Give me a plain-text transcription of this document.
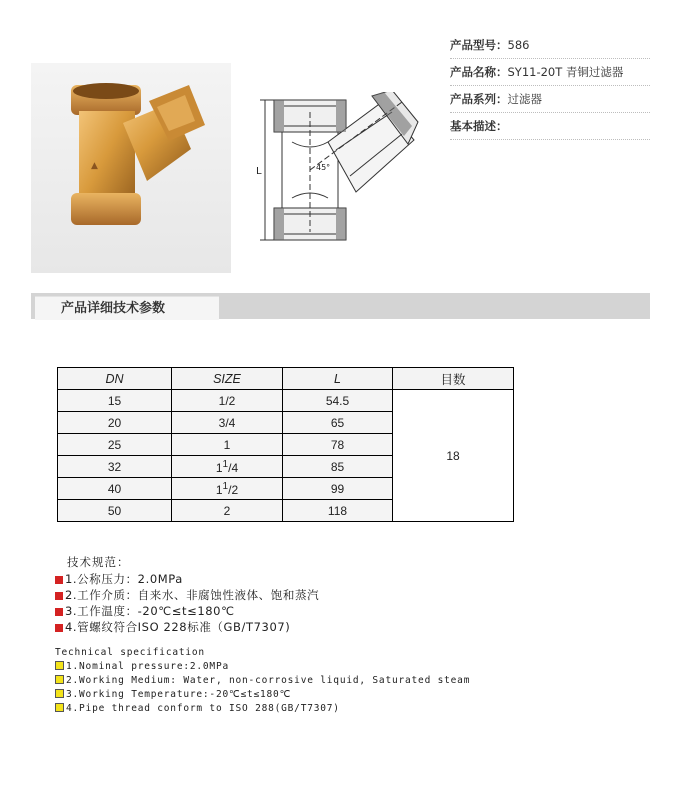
▲	L	45°
产品型号：586
产品名称：SY11-20T 青铜过滤器
产品系列：过滤器
基本描述：
产品详细技术参数
DN	SIZE	L	目数
15	1/2	54.5	18
20	3/4	65	
25	1	78	
32	$1^1/4$	85	
40	$1^1/2$	99	
50	2	118	
技术规范：
1.公称压力：2.0MPa
2.工作介质：自来水、非腐蚀性液体、饱和蒸汽
3.工作温度：-20℃≤t≤180℃
4.管螺纹符合ISO 228标准（GB/T7307)
Technical specification
1.Nominal pressure:2.0MPa
2.Working Medium: Water, non-corrosive liquid, Saturated steam
3.Working Temperature:-20℃≤t≤180℃
4.Pipe thread conform to ISO 288(GB/T7307)
